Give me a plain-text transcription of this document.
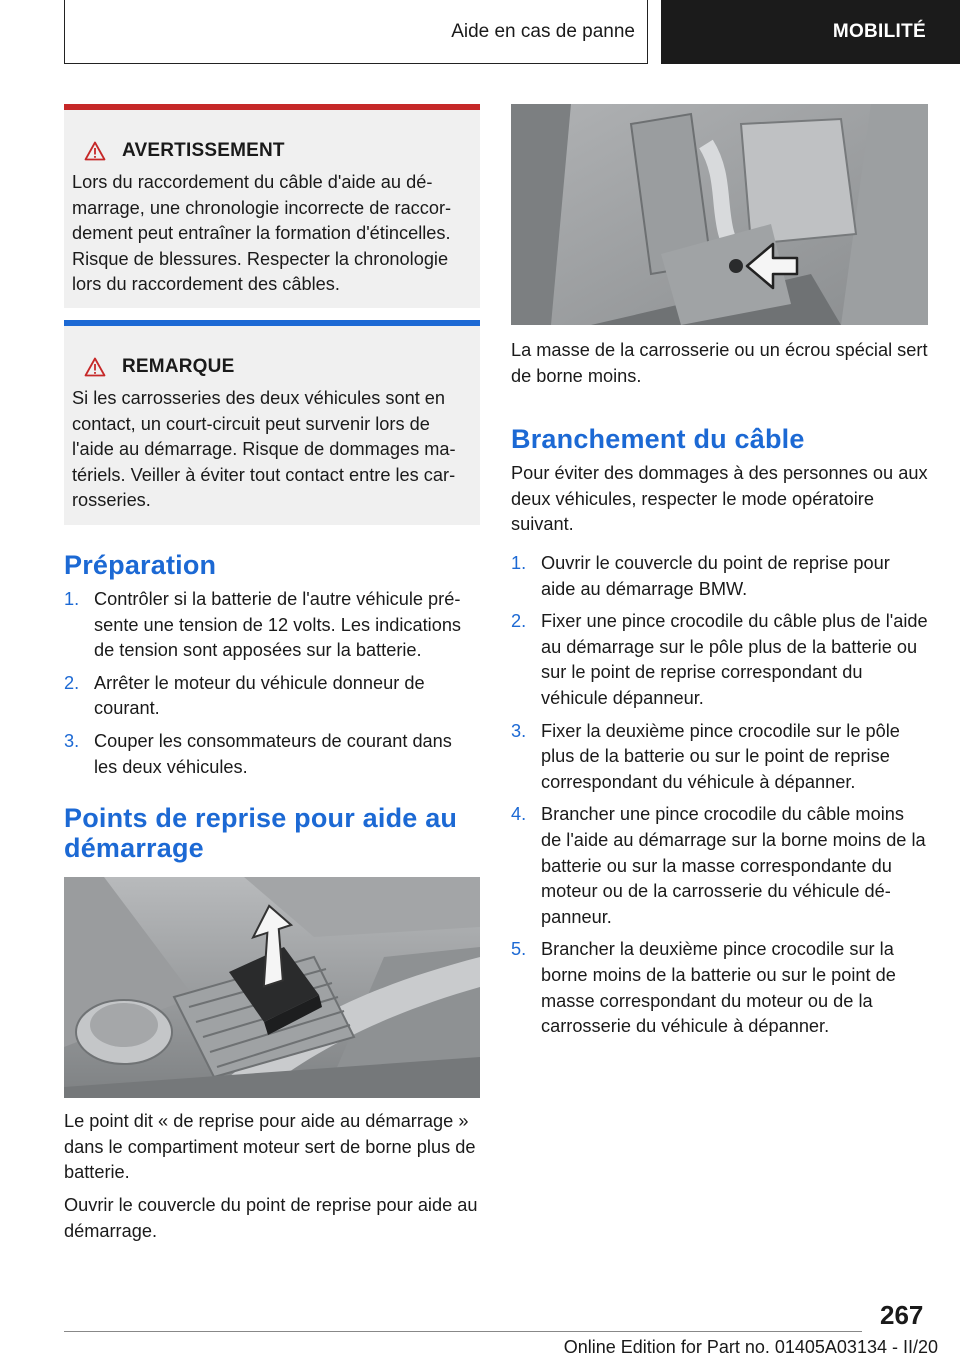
Aide en cas de panne	MOBILITÉ
AVERTISSEMENT
Lors du raccordement du câble d'aide au démarrage, une chronologie incorrecte de raccordement peut entraîner la formation d'étincelles. Risque de blessures. Respecter la chronologie lors du raccordement des câbles.
REMARQUE
Si les carrosseries des deux véhicules sont en contact, un court-circuit peut survenir lors de l'aide au démarrage. Risque de dommages matériels. Veiller à éviter tout contact entre les carrosseries.
Préparation
1. Contrôler si la batterie de l'autre véhicule présente une tension de 12 volts. Les indications de tension sont apposées sur la batterie.
2. Arrêter le moteur du véhicule donneur de courant.
3. Couper les consommateurs de courant dans les deux véhicules.
Points de reprise pour aide au démarrage
Le point dit « de reprise pour aide au démarrage » dans le compartiment moteur sert de borne plus de batterie.
Ouvrir le couvercle du point de reprise pour aide au démarrage.
La masse de la carrosserie ou un écrou spécial sert de borne moins.
Branchement du câble
Pour éviter des dommages à des personnes ou aux deux véhicules, respecter le mode opératoire suivant.
1. Ouvrir le couvercle du point de reprise pour aide au démarrage BMW.
2. Fixer une pince crocodile du câble plus de l'aide au démarrage sur le pôle plus de la batterie ou sur le point de reprise correspondant du véhicule dépanneur.
3. Fixer la deuxième pince crocodile sur le pôle plus de la batterie ou sur le point de reprise correspondant du véhicule à dépanner.
4. Brancher une pince crocodile du câble moins de l'aide au démarrage sur la borne moins de la batterie ou sur la masse correspondante du moteur ou de la carrosserie du véhicule dépanneur.
5. Brancher la deuxième pince crocodile sur la borne moins de la batterie ou sur le point de masse correspondant du moteur ou de la carrosserie du véhicule à dépanner.
267
Online Edition for Part no. 01405A03134 - II/20
